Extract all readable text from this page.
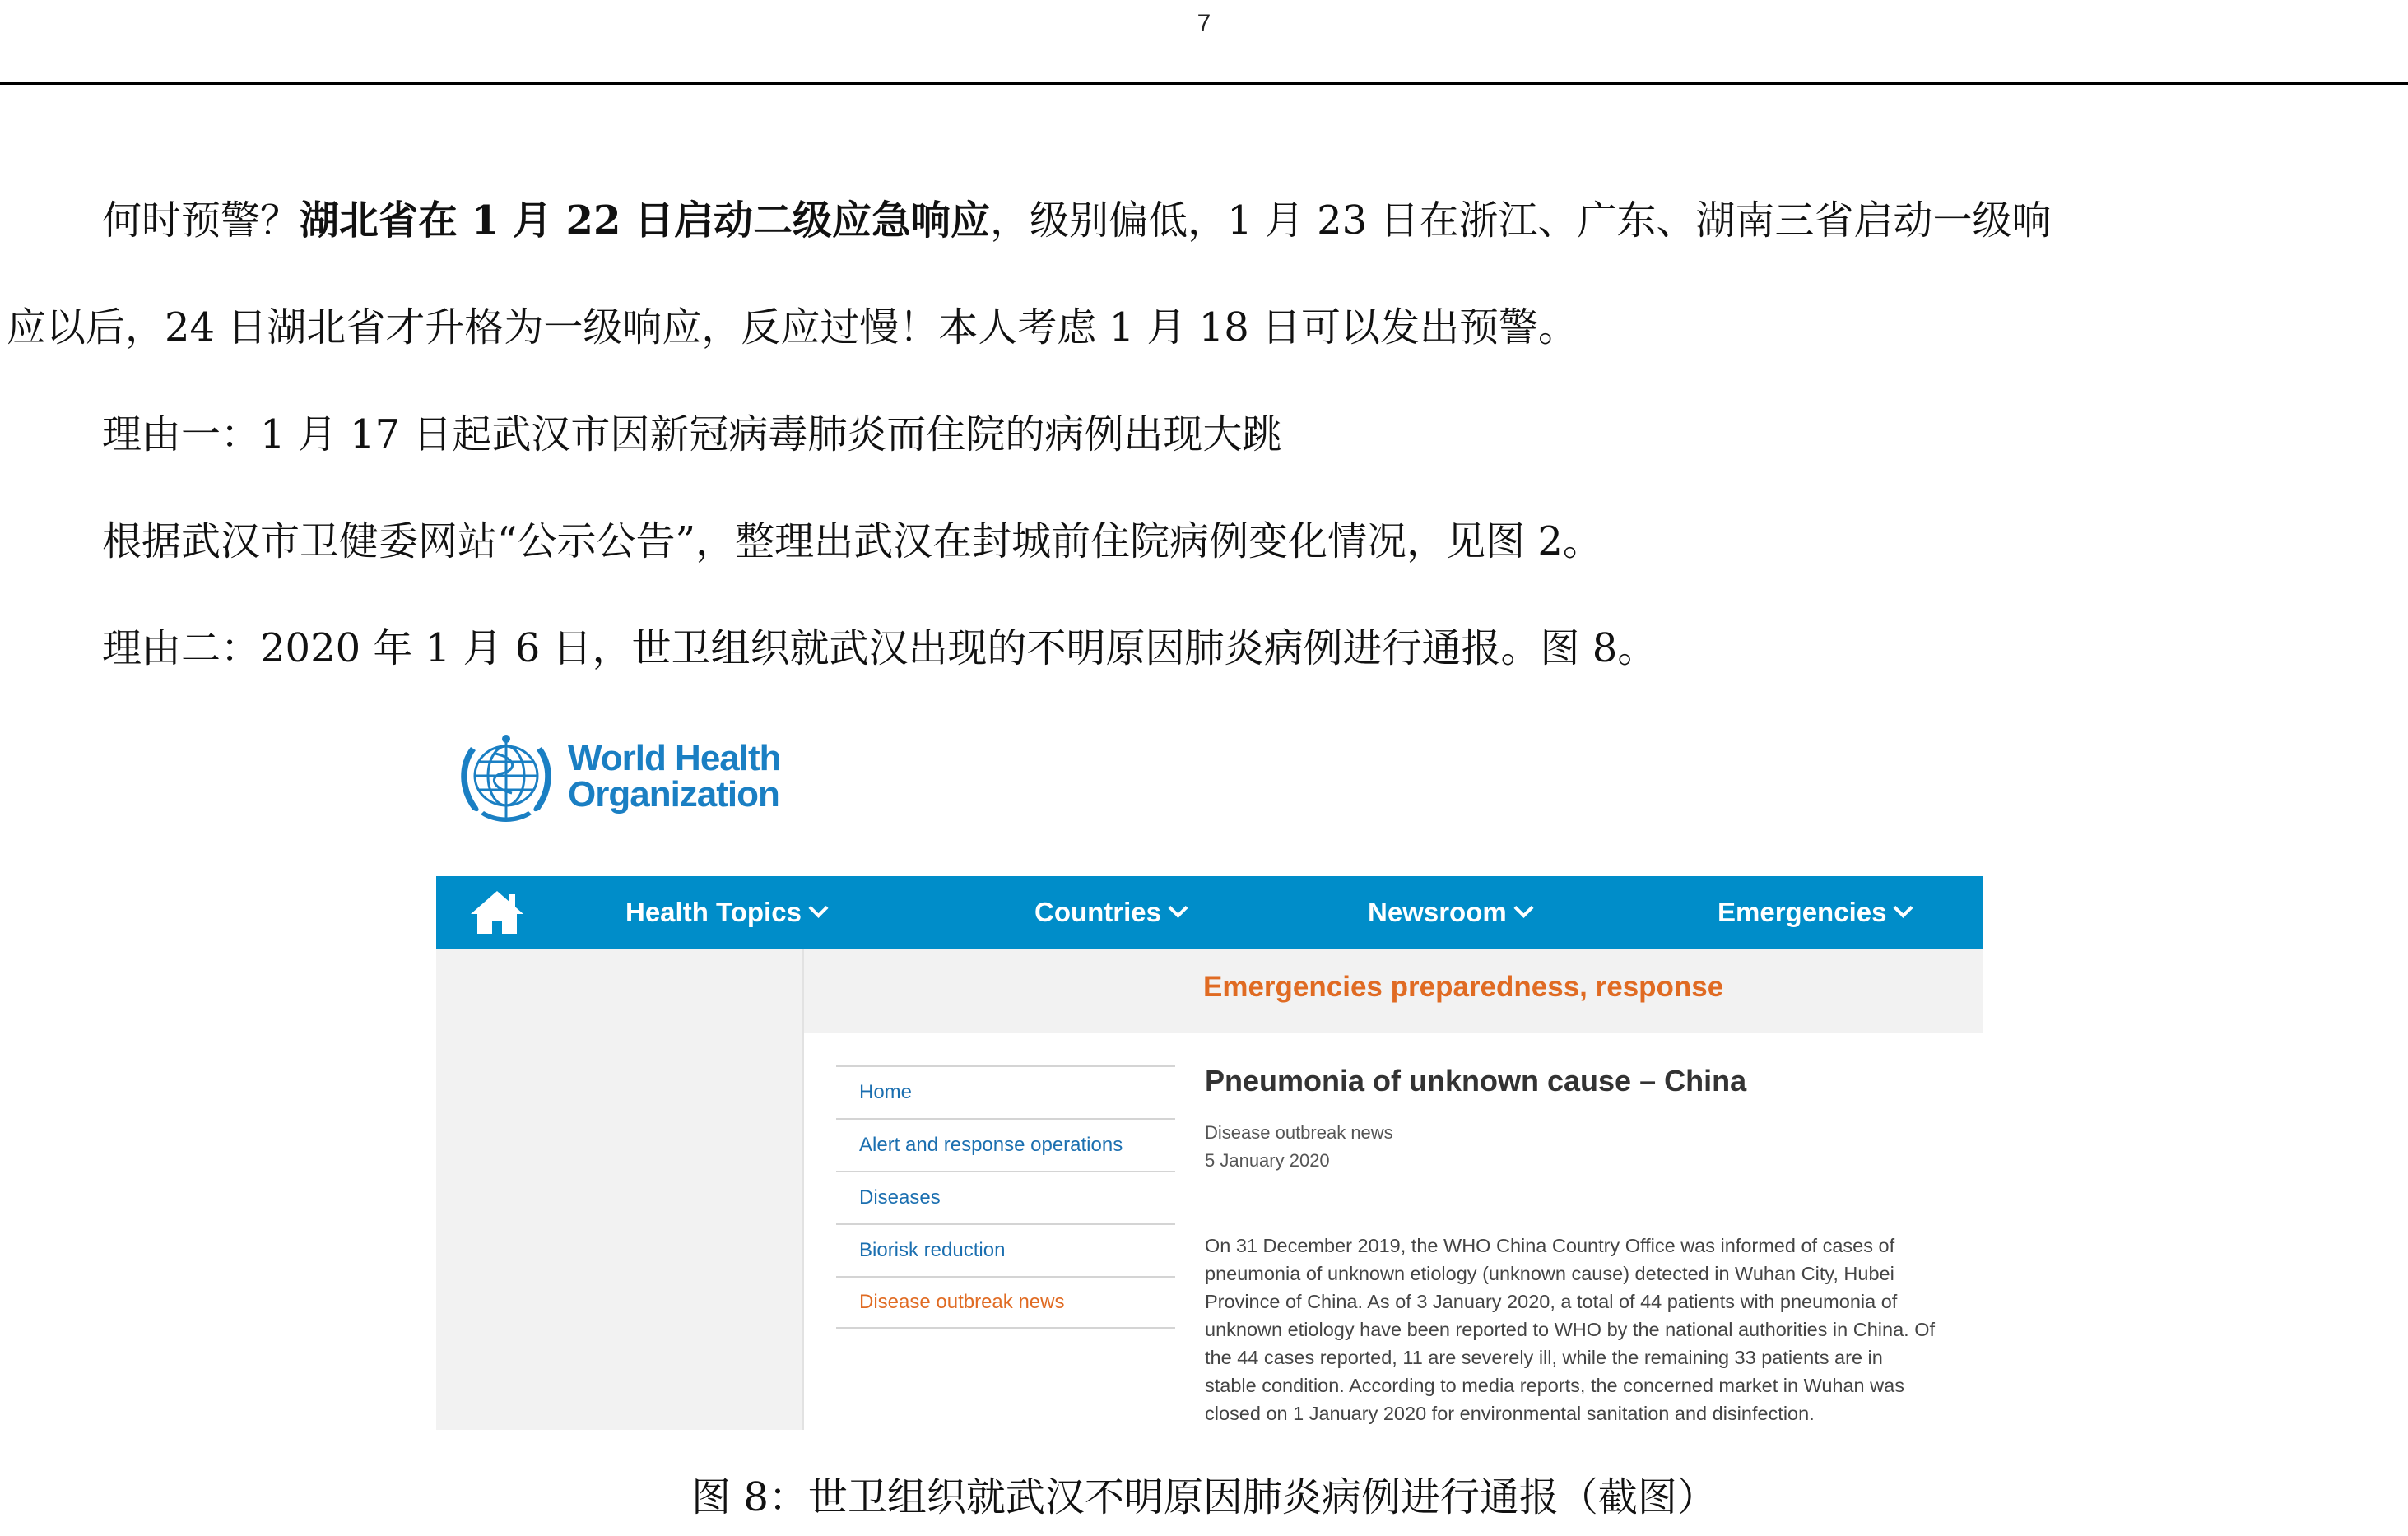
7
何时预警？湖北省在 1 月 22 日启动二级应急响应，级别偏低，1 月 23 日在浙江、广东、湖南三省启动一级响
应以后，24 日湖北省才升格为一级响应，反应过慢！本人考虑 1 月 18 日可以发出预警。
理由一：1 月 17 日起武汉市因新冠病毒肺炎而住院的病例出现大跳
根据武汉市卫健委网站“公示公告”，整理出武汉在封城前住院病例变化情况，见图 2。
理由二：2020 年 1 月 6 日，世卫组织就武汉出现的不明原因肺炎病例进行通报。图 8。
World Health
Organization
Health Topics	Countries	Newsroom	Emergencies
Emergencies preparedness, response
Home
Alert and response operations
Diseases
Biorisk reduction
Disease outbreak news
Pneumonia of unknown cause – China
Disease outbreak news
5 January 2020
On 31 December 2019, the WHO China Country Office was informed of cases of
pneumonia of unknown etiology (unknown cause) detected in Wuhan City, Hubei
Province of China. As of 3 January 2020, a total of 44 patients with pneumonia of
unknown etiology have been reported to WHO by the national authorities in China. Of
the 44 cases reported, 11 are severely ill, while the remaining 33 patients are in
stable condition. According to media reports, the concerned market in Wuhan was
closed on 1 January 2020 for environmental sanitation and disinfection.
图 8：世卫组织就武汉不明原因肺炎病例进行通报（截图）
